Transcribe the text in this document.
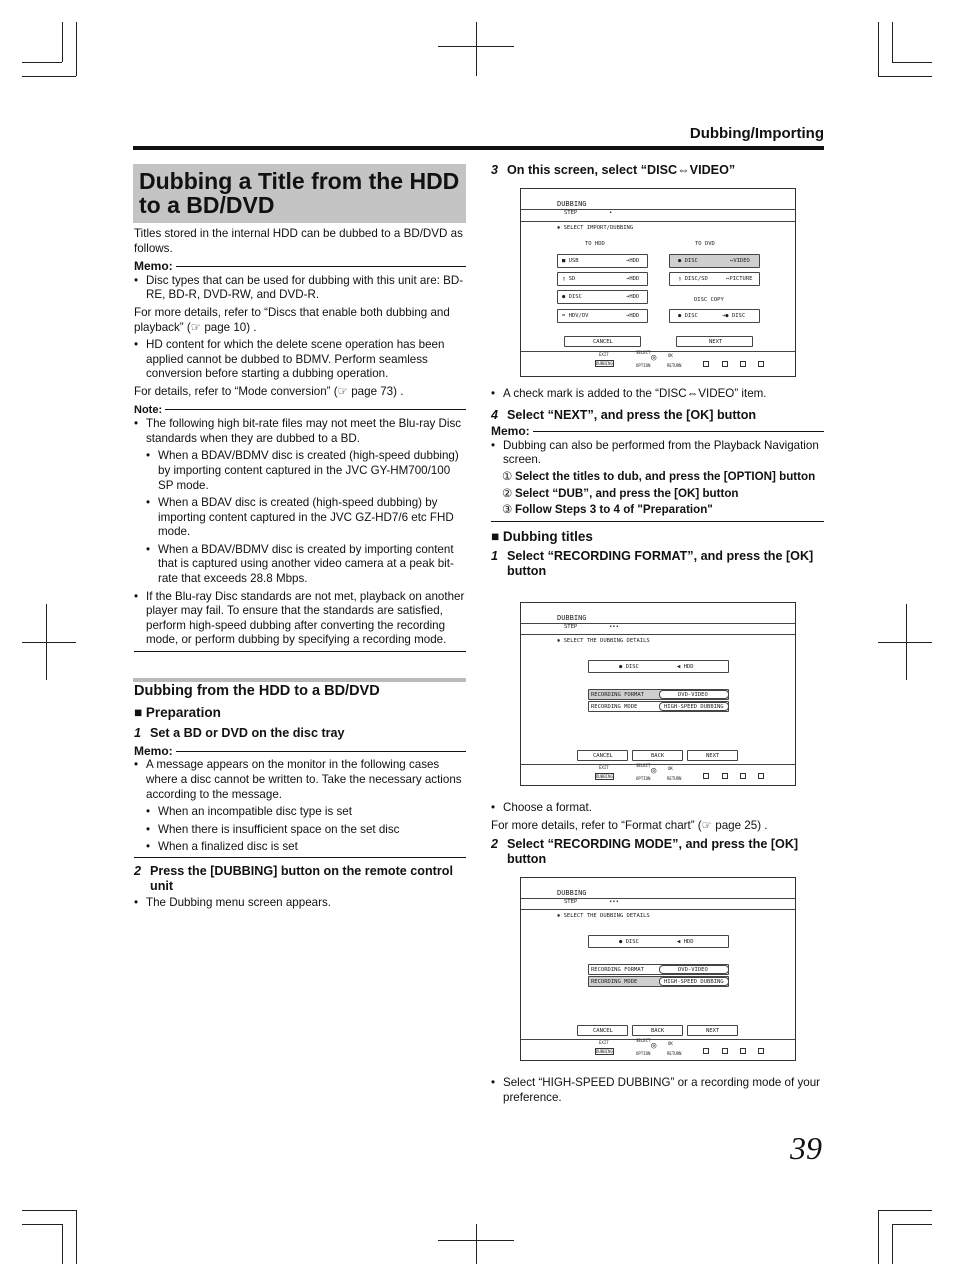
Dubbing/Importing
Dubbing a Title from the HDD to a BD/DVD

Titles stored in the internal HDD can be dubbed to a BD/DVD as follows.

Memo:
• Disc types that can be used for dubbing with this unit are: BD-RE, BD-R, DVD-RW, and DVD-R.

For more details, refer to “Discs that enable both dubbing and playback” (☞ page 10) .

• HD content for which the delete scene operation has been applied cannot be dubbed to BDMV. Perform seamless conversion before starting a dubbing operation.

For details, refer to “Mode conversion” (☞ page 73) .

Note:
• The following high bit-rate files may not meet the Blu-ray Disc standards when they are dubbed to a BD.
• When a BDAV/BDMV disc is created (high-speed dubbing) by importing content captured in the JVC GY-HM700/100 SP mode.
• When a BDAV disc is created (high-speed dubbing) by importing content captured in the JVC GZ-HD7/6 etc FHD mode.
• When a BDAV/BDMV disc is created by importing content that is captured using another video camera at a peak bit-rate that exceeds 28.8 Mbps.
• If the Blu-ray Disc standards are not met, playback on another player may fail. To ensure that the standards are satisfied, perform high-speed dubbing after converting the recording mode, or perform dubbing by specifying a recording mode.
Dubbing from the HDD to a BD/DVD
■ Preparation
1 Set a BD or DVD on the disc tray
Memo:
• A message appears on the monitor in the following cases where a disc cannot be written to. Take the necessary actions according to the message.
• When an incompatible disc type is set
• When there is insufficient space on the set disc
• When a finalized disc is set
2 Press the [DUBBING] button on the remote control unit
• The Dubbing menu screen appears.
3 On this screen, select “DISC⇔VIDEO”
DUBBING
STEP	•
✱ SELECT IMPORT/DUBBING
TO HDD	TO DVD
■ USB	➔HDD
▯ SD	➔HDD
● DISC	➔HDD
➥ HDV/DV	➔HDD
● DISC	⇔VIDEO
▯ DISC/SD	⇔PICTURE
DISC COPY
● DISC	➔● DISC
CANCEL	NEXT
EXIT
DUBBING
SELECT
◎	OK
OPTION	RETURN
• A check mark is added to the “DISC⇔VIDEO” item.
4 Select “NEXT”, and press the [OK] button
Memo:
• Dubbing can also be performed from the Playback Navigation screen.
① Select the titles to dub, and press the [OPTION] button
② Select “DUB”, and press the [OK] button
③ Follow Steps 3 to 4 of "Preparation"
■ Dubbing titles
1 Select “RECORDING FORMAT”, and press the [OK] button
DUBBING
STEP	•••
✱ SELECT THE DUBBING DETAILS
● DISC	◀ HDD
RECORDING FORMAT	DVD-VIDEO
RECORDING MODE	HIGH-SPEED DUBBING
CANCEL	BACK	NEXT
EXIT
DUBBING
SELECT
◎	OK
OPTION	RETURN
• Choose a format.

For more details, refer to “Format chart” (☞ page 25) .

2 Select “RECORDING MODE”, and press the [OK] button
DUBBING
STEP	•••
✱ SELECT THE DUBBING DETAILS
● DISC	◀ HDD
RECORDING FORMAT	DVD-VIDEO
RECORDING MODE	HIGH-SPEED DUBBING
CANCEL	BACK	NEXT
EXIT
DUBBING
SELECT
◎	OK
OPTION	RETURN
• Select “HIGH-SPEED DUBBING” or a recording mode of your preference.
39
